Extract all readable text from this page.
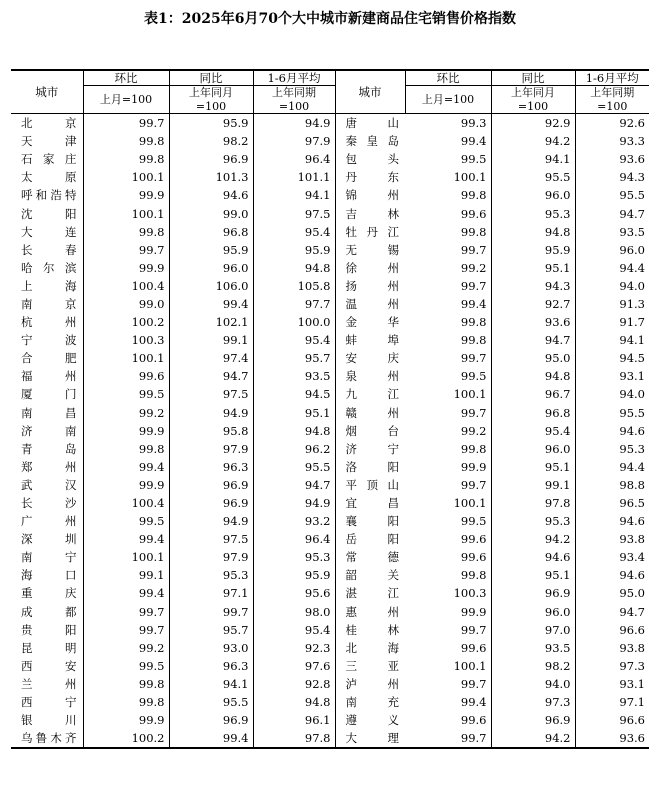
表1：2025年6月70个大中城市新建商品住宅销售价格指数
城市	环比	同比	1-6月平均	城市	环比	同比	1-6月平均
	上月=100	上年同月	上年同期		上月=100	上年同月	上年同期
		=100	=100			=100	=100
北京	99.7	95.9	94.9	唐山	99.3	92.9	92.6
天津	99.8	98.2	97.9	秦皇岛	99.4	94.2	93.3
石家庄	99.8	96.9	96.4	包头	99.5	94.1	93.6
太原	100.1	101.3	101.1	丹东	100.1	95.5	94.3
呼和浩特	99.9	94.6	94.1	锦州	99.8	96.0	95.5
沈阳	100.1	99.0	97.5	吉林	99.6	95.3	94.7
大连	99.8	96.8	95.4	牡丹江	99.8	94.8	93.5
长春	99.7	95.9	95.9	无锡	99.7	95.9	96.0
哈尔滨	99.9	96.0	94.8	徐州	99.2	95.1	94.4
上海	100.4	106.0	105.8	扬州	99.7	94.3	94.0
南京	99.0	99.4	97.7	温州	99.4	92.7	91.3
杭州	100.2	102.1	100.0	金华	99.8	93.6	91.7
宁波	100.3	99.1	95.4	蚌埠	99.8	94.7	94.1
合肥	100.1	97.4	95.7	安庆	99.7	95.0	94.5
福州	99.6	94.7	93.5	泉州	99.5	94.8	93.1
厦门	99.5	97.5	94.5	九江	100.1	96.7	94.0
南昌	99.2	94.9	95.1	赣州	99.7	96.8	95.5
济南	99.9	95.8	94.8	烟台	99.2	95.4	94.6
青岛	99.8	97.9	96.2	济宁	99.8	96.0	95.3
郑州	99.4	96.3	95.5	洛阳	99.9	95.1	94.4
武汉	99.9	96.9	94.7	平顶山	99.7	99.1	98.8
长沙	100.4	96.9	94.9	宜昌	100.1	97.8	96.5
广州	99.5	94.9	93.2	襄阳	99.5	95.3	94.6
深圳	99.4	97.5	96.4	岳阳	99.6	94.2	93.8
南宁	100.1	97.9	95.3	常德	99.6	94.6	93.4
海口	99.1	95.3	95.9	韶关	99.8	95.1	94.6
重庆	99.4	97.1	95.6	湛江	100.3	96.9	95.0
成都	99.7	99.7	98.0	惠州	99.9	96.0	94.7
贵阳	99.7	95.7	95.4	桂林	99.7	97.0	96.6
昆明	99.2	93.0	92.3	北海	99.6	93.5	93.8
西安	99.5	96.3	97.6	三亚	100.1	98.2	97.3
兰州	99.8	94.1	92.8	泸州	99.7	94.0	93.1
西宁	99.8	95.5	94.8	南充	99.4	97.3	97.1
银川	99.9	96.9	96.1	遵义	99.6	96.9	96.6
乌鲁木齐	100.2	99.4	97.8	大理	99.7	94.2	93.6
